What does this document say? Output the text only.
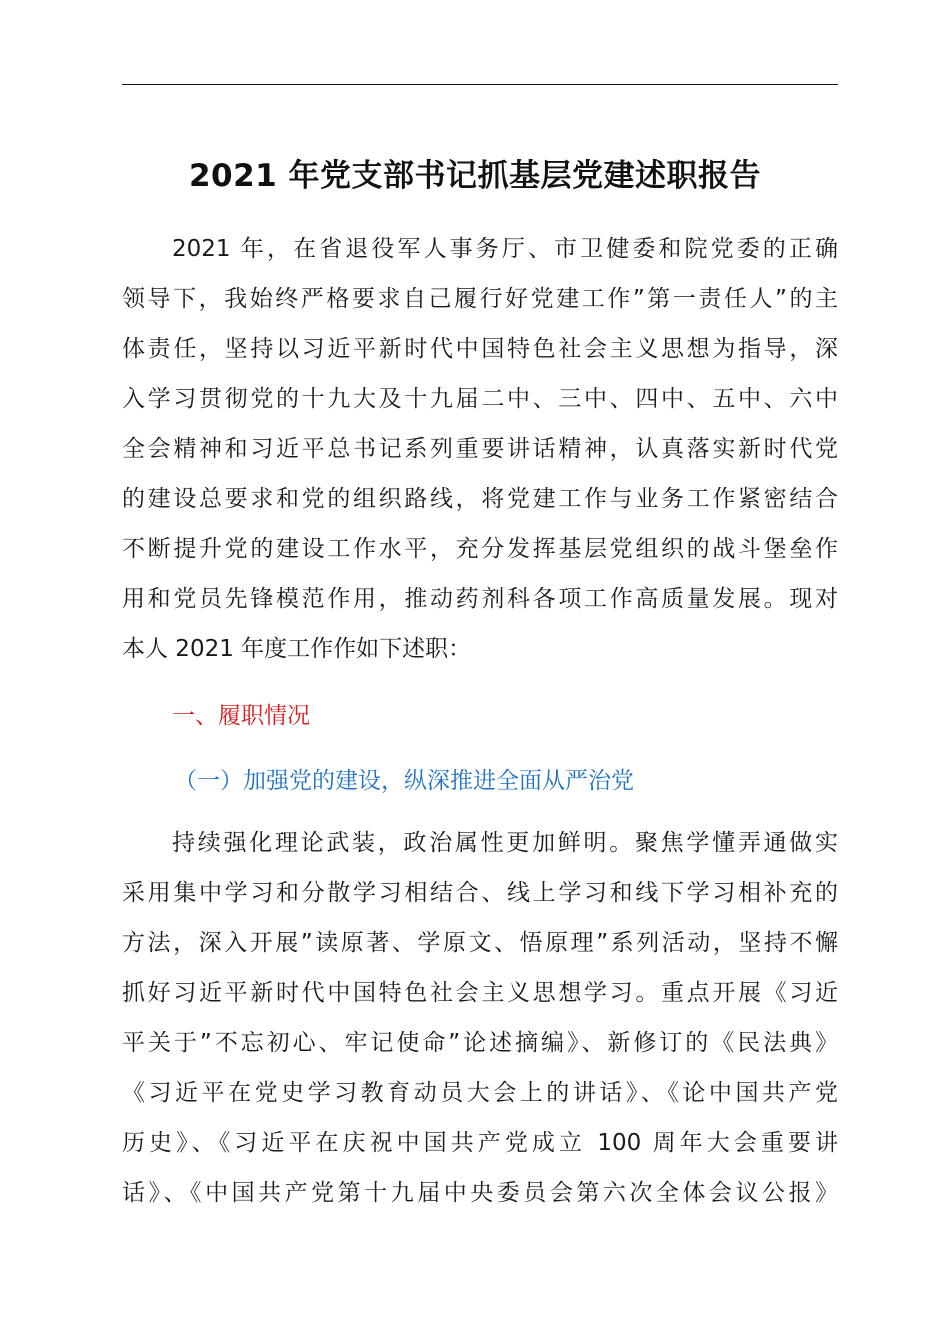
2021 年党支部书记抓基层党建述职报告
2021 年，在省退役军人事务厅、市卫健委和院党委的正确
领导下，我始终严格要求自己履行好党建工作”第一责任人”的主
体责任，坚持以习近平新时代中国特色社会主义思想为指导，深
入学习贯彻党的十九大及十九届二中、三中、四中、五中、六中
全会精神和习近平总书记系列重要讲话精神，认真落实新时代党
的建设总要求和党的组织路线，将党建工作与业务工作紧密结合
不断提升党的建设工作水平，充分发挥基层党组织的战斗堡垒作
用和党员先锋模范作用，推动药剂科各项工作高质量发展。现对
本人 2021 年度工作作如下述职：
一、履职情况
（一）加强党的建设，纵深推进全面从严治党
持续强化理论武装，政治属性更加鲜明。聚焦学懂弄通做实
采用集中学习和分散学习相结合、线上学习和线下学习相补充的
方法，深入开展”读原著、学原文、悟原理”系列活动，坚持不懈
抓好习近平新时代中国特色社会主义思想学习。重点开展《习近
平关于”不忘初心、牢记使命”论述摘编》、新修订的《民法典》
《习近平在党史学习教育动员大会上的讲话》、《论中国共产党
历史》、《习近平在庆祝中国共产党成立 100 周年大会重要讲
话》、《中国共产党第十九届中央委员会第六次全体会议公报》
